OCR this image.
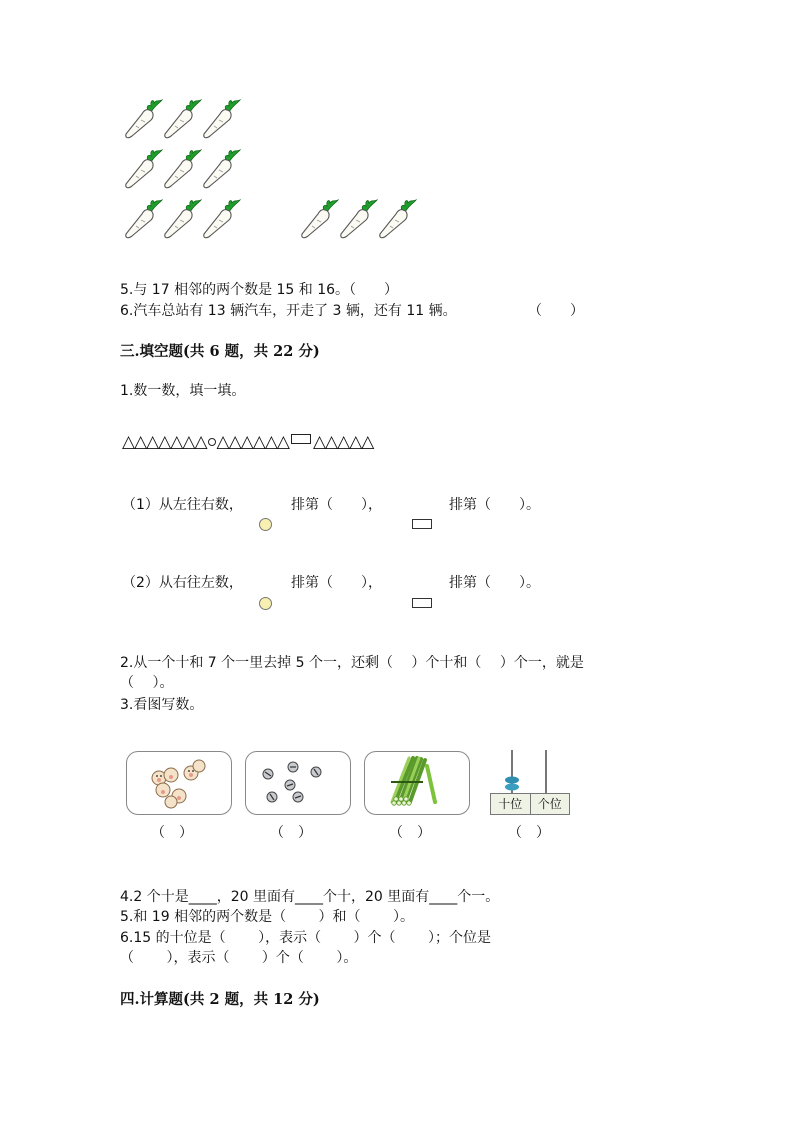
5.与 17 相邻的两个数是 15 和 16。（　　）
6.汽车总站有 13 辆汽车，开走了 3 辆，还有 11 辆。	（　　）
三.填空题(共 6 题，共 22 分)
1.数一数，填一填。
△△△△△△△ △△△△△△ △△△△△
（1）从左往右数，	排第（　　），	排第（　　）。
（2）从右往左数，	排第（　　），	排第（　　）。
2.从一个十和 7 个一里去掉 5 个一，还剩（　 ）个十和（　 ）个一，就是
（　 ）。
3.看图写数。
十位	个位
（　）	（　）	（　）	（　）
4.2 个十是____，20 里面有____个十，20 里面有____个一。
5.和 19 相邻的两个数是（　　 ）和（　　 ）。
6.15 的十位是（　　 ），表示（　　 ）个（　　 ）；个位是
（　　 ），表示（　　 ）个（　　 ）。
四.计算题(共 2 题，共 12 分)
